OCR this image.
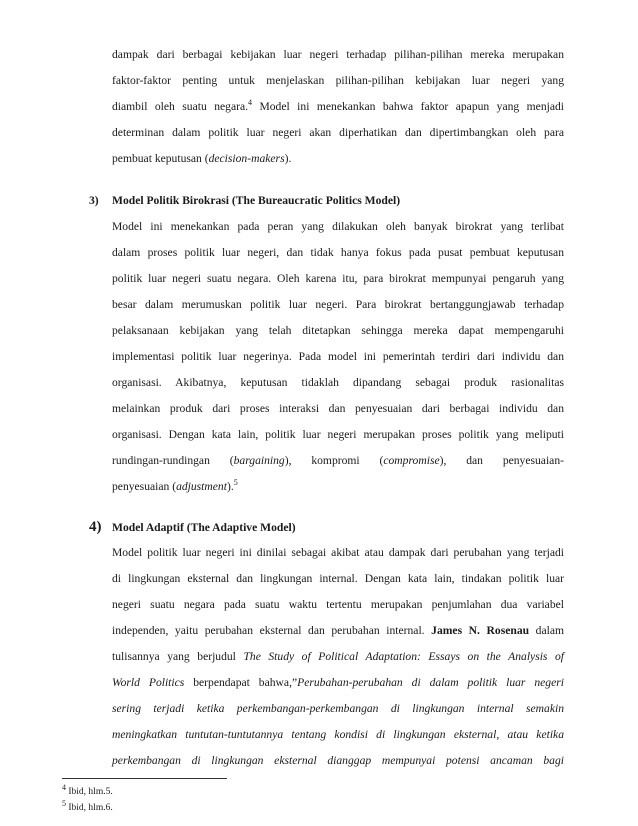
dampak dari berbagai kebijakan luar negeri terhadap pilihan-pilihan mereka merupakan
faktor-faktor penting untuk menjelaskan pilihan-pilihan kebijakan luar negeri yang
diambil oleh suatu negara.$^4$ Model ini menekankan bahwa faktor apapun yang menjadi
determinan dalam politik luar negeri akan diperhatikan dan dipertimbangkan oleh para
pembuat keputusan (decision-makers).
3) Model Politik Birokrasi (The Bureaucratic Politics Model)
Model ini menekankan pada peran yang dilakukan oleh banyak birokrat yang terlibat
dalam proses politik luar negeri, dan tidak hanya fokus pada pusat pembuat keputusan
politik luar negeri suatu negara. Oleh karena itu, para birokrat mempunyai pengaruh yang
besar dalam merumuskan politik luar negeri. Para birokrat bertanggungjawab terhadap
pelaksanaan kebijakan yang telah ditetapkan sehingga mereka dapat mempengaruhi
implementasi politik luar negerinya. Pada model ini pemerintah terdiri dari individu dan
organisasi. Akibatnya, keputusan tidaklah dipandang sebagai produk rasionalitas
melainkan produk dari proses interaksi dan penyesuaian dari berbagai individu dan
organisasi. Dengan kata lain, politik luar negeri merupakan proses politik yang meliputi
rundingan-rundingan (bargaining), kompromi (compromise), dan penyesuaian-
penyesuaian (adjustment).$^5$
4) Model Adaptif (The Adaptive Model)
Model politik luar negeri ini dinilai sebagai akibat atau dampak dari perubahan yang terjadi
di lingkungan eksternal dan lingkungan internal. Dengan kata lain, tindakan politik luar
negeri suatu negara pada suatu waktu tertentu merupakan penjumlahan dua variabel
independen, yaitu perubahan eksternal dan perubahan internal. James N. Rosenau dalam
tulisannya yang berjudul The Study of Political Adaptation: Essays on the Analysis of
World Politics berpendapat bahwa,”Perubahan-perubahan di dalam politik luar negeri
sering terjadi ketika perkembangan-perkembangan di lingkungan internal semakin
meningkatkan tuntutan-tuntutannya tentang kondisi di lingkungan eksternal, atau ketika
perkembangan di lingkungan eksternal dianggap mempunyai potensi ancaman bagi
$^4$ Ibid, hlm.5.
$^5$ Ibid, hlm.6.
